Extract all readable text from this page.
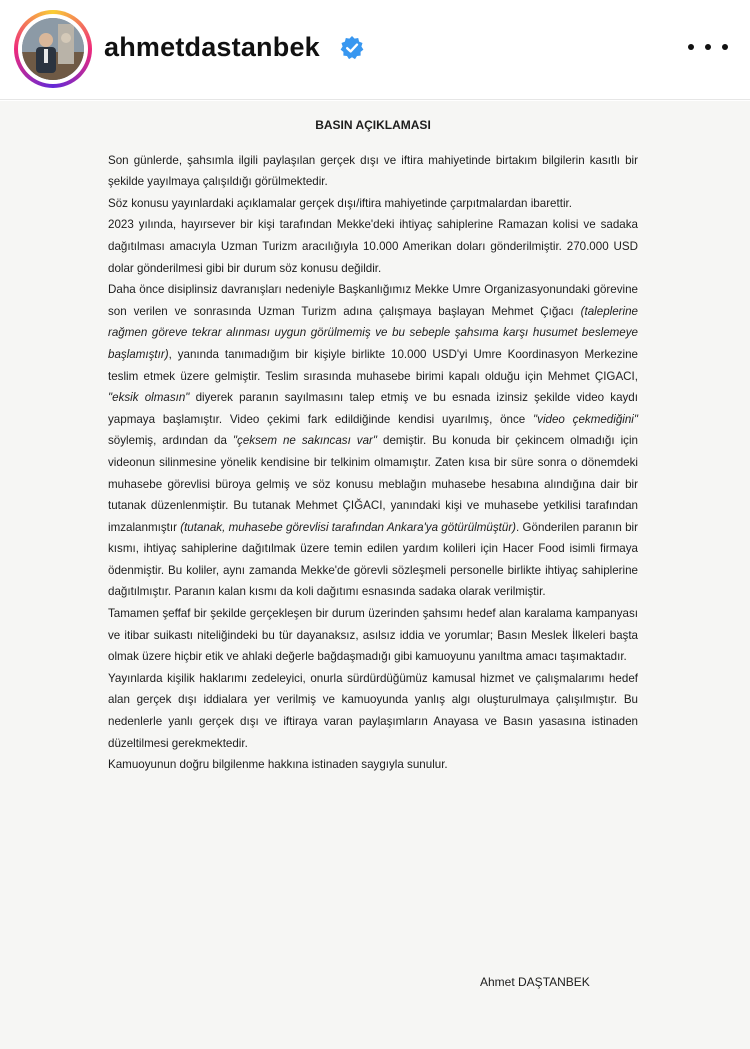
ahmetdastanbek
BASIN AÇIKLAMASI

Son günlerde, şahsımla ilgili paylaşılan gerçek dışı ve iftira mahiyetinde birtakım bilgilerin kasıtlı bir şekilde yayılmaya çalışıldığı görülmektedir.

Söz konusu yayınlardaki açıklamalar gerçek dışı/iftira mahiyetinde çarpıtmalardan ibarettir.

2023 yılında, hayırsever bir kişi tarafından Mekke'deki ihtiyaç sahiplerine Ramazan kolisi ve sadaka dağıtılması amacıyla Uzman Turizm aracılığıyla 10.000 Amerikan doları gönderilmiştir. 270.000 USD dolar gönderilmesi gibi bir durum söz konusu değildir.

Daha önce disiplinsiz davranışları nedeniyle Başkanlığımız Mekke Umre Organizasyonundaki görevine son verilen ve sonrasında Uzman Turizm adına çalışmaya başlayan Mehmet Çığacı (taleplerine rağmen göreve tekrar alınması uygun görülmemiş ve bu sebeple şahsıma karşı husumet beslemeye başlamıştır), yanında tanımadığım bir kişiyle birlikte 10.000 USD'yi Umre Koordinasyon Merkezine teslim etmek üzere gelmiştir. Teslim sırasında muhasebe birimi kapalı olduğu için Mehmet ÇIGACI, "eksik olmasın" diyerek paranın sayılmasını talep etmiş ve bu esnada izinsiz şekilde video kaydı yapmaya başlamıştır. Video çekimi fark edildiğinde kendisi uyarılmış, önce "video çekmediğini" söylemiş, ardından da "çeksem ne sakıncası var" demiştir. Bu konuda bir çekincem olmadığı için videonun silinmesine yönelik kendisine bir telkinim olmamıştır. Zaten kısa bir süre sonra o dönemdeki muhasebe görevlisi büroya gelmiş ve söz konusu meblağın muhasebe hesabına alındığına dair bir tutanak düzenlenmiştir. Bu tutanak Mehmet ÇIĞACI, yanındaki kişi ve muhasebe yetkilisi tarafından imzalanmıştır (tutanak, muhasebe görevlisi tarafından Ankara'ya götürülmüştür). Gönderilen paranın bir kısmı, ihtiyaç sahiplerine dağıtılmak üzere temin edilen yardım kolileri için Hacer Food isimli firmaya ödenmiştir. Bu koliler, aynı zamanda Mekke'de görevli sözleşmeli personelle birlikte ihtiyaç sahiplerine dağıtılmıştır. Paranın kalan kısmı da koli dağıtımı esnasında sadaka olarak verilmiştir.

Tamamen şeffaf bir şekilde gerçekleşen bir durum üzerinden şahsımı hedef alan karalama kampanyası ve itibar suikastı niteliğindeki bu tür dayanaksız, asılsız iddia ve yorumlar; Basın Meslek İlkeleri başta olmak üzere hiçbir etik ve ahlaki değerle bağdaşmadığı gibi kamuoyunu yanıltma amacı taşımaktadır.

Yayınlarda kişilik haklarımı zedeleyici, onurla sürdürdüğümüz kamusal hizmet ve çalışmalarımı hedef alan gerçek dışı iddialara yer verilmiş ve kamuoyunda yanlış algı oluşturulmaya çalışılmıştır. Bu nedenlerle yanlı gerçek dışı ve iftiraya varan paylaşımların Anayasa ve Basın yasasına istinaden düzeltilmesi gerekmektedir.

Kamuoyunun doğru bilgilenme hakkına istinaden saygıyla sunulur.

Ahmet DAŞTANBEK
